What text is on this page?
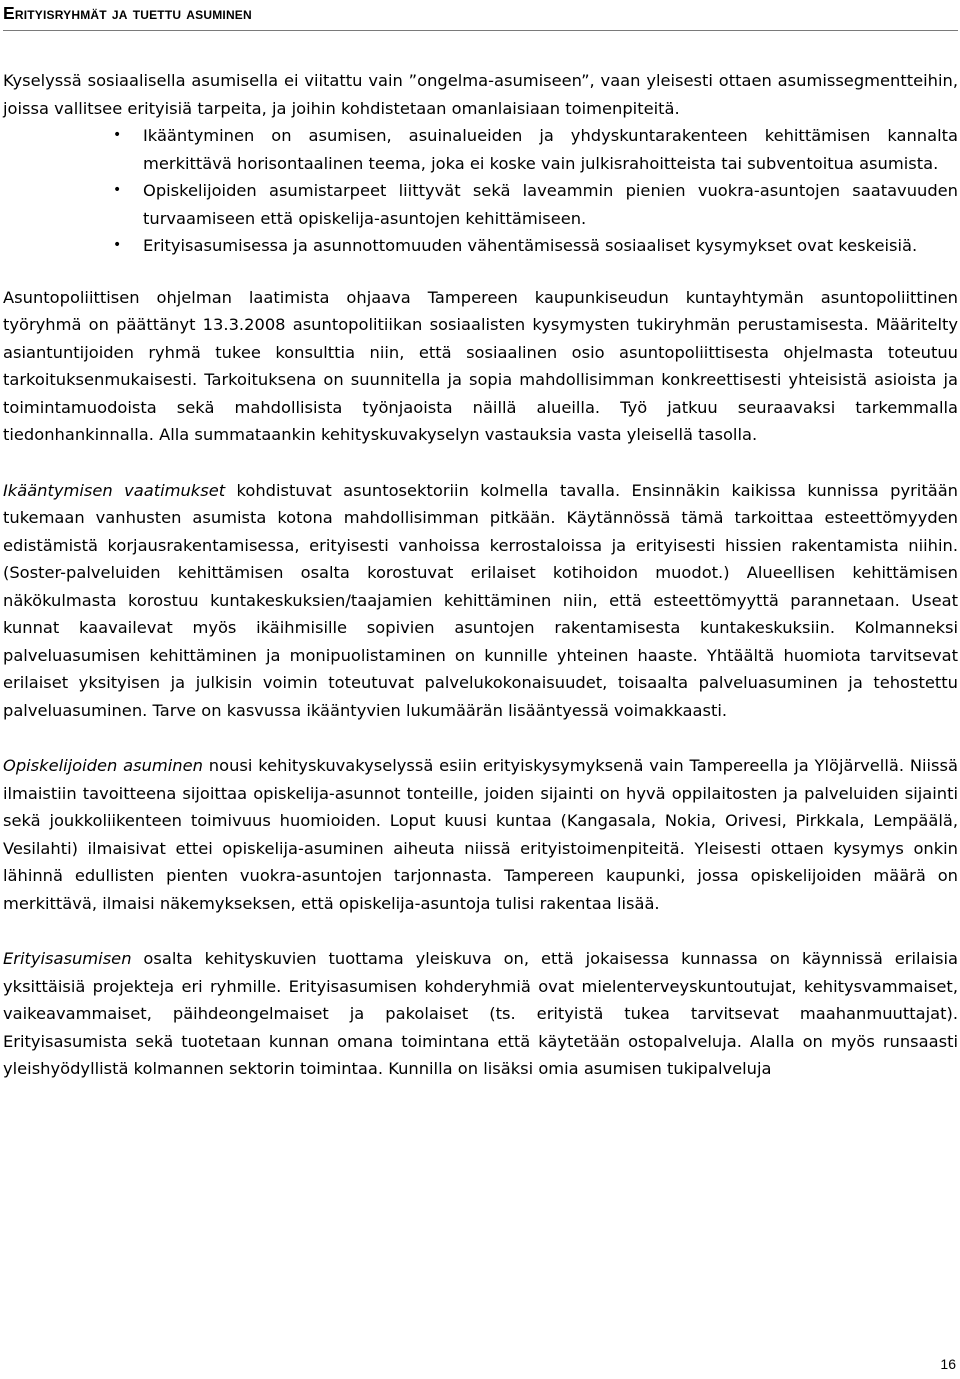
Erityisryhmät ja tuettu asuminen

Kyselyssä sosiaalisella asumisella ei viitattu vain ”ongelma-asumiseen”, vaan yleisesti ottaen asumissegmentteihin, joissa vallitsee erityisiä tarpeita, ja joihin kohdistetaan omanlaisiaan toimenpiteitä.

• Ikääntyminen on asumisen, asuinalueiden ja yhdyskuntarakenteen kehittämisen kannalta merkittävä horisontaalinen teema, joka ei koske vain julkisrahoitteista tai subventoitua asumista.
• Opiskelijoiden asumistarpeet liittyvät sekä laveammin pienien vuokra-asuntojen saatavuuden turvaamiseen että opiskelija-asuntojen kehittämiseen.
• Erityisasumisessa ja asunnottomuuden vähentämisessä sosiaaliset kysymykset ovat keskeisiä.

Asuntopoliittisen ohjelman laatimista ohjaava Tampereen kaupunkiseudun kuntayhtymän asuntopoliittinen työryhmä on päättänyt 13.3.2008 asuntopolitiikan sosiaalisten kysymysten tukiryhmän perustamisesta. Määritelty asiantuntijoiden ryhmä tukee konsulttia niin, että sosiaalinen osio asuntopoliittisesta ohjelmasta toteutuu tarkoituksenmukaisesti. Tarkoituksena on suunnitella ja sopia mahdollisimman konkreettisesti yhteisistä asioista ja toimintamuodoista sekä mahdollisista työnjaoista näillä alueilla. Työ jatkuu seuraavaksi tarkemmalla tiedonhankinnalla. Alla summataankin kehityskuvakyselyn vastauksia vasta yleisellä tasolla.

Ikääntymisen vaatimukset kohdistuvat asuntosektoriin kolmella tavalla. Ensinnäkin kaikissa kunnissa pyritään tukemaan vanhusten asumista kotona mahdollisimman pitkään. Käytännössä tämä tarkoittaa esteettömyyden edistämistä korjausrakentamisessa, erityisesti vanhoissa kerrostaloissa ja erityisesti hissien rakentamista niihin. (Soster-palveluiden kehittämisen osalta korostuvat erilaiset kotihoidon muodot.) Alueellisen kehittämisen näkökulmasta korostuu kuntakeskuksien/taajamien kehittäminen niin, että esteettömyyttä parannetaan. Useat kunnat kaavailevat myös ikäihmisille sopivien asuntojen rakentamisesta kuntakeskuksiin. Kolmanneksi palveluasumisen kehittäminen ja monipuolistaminen on kunnille yhteinen haaste. Yhtäältä huomiota tarvitsevat erilaiset yksityisen ja julkisin voimin toteutuvat palvelukokonaisuudet, toisaalta palveluasuminen ja tehostettu palveluasuminen. Tarve on kasvussa ikääntyvien lukumäärän lisääntyessä voimakkaasti.

Opiskelijoiden asuminen nousi kehityskuvakyselyssä esiin erityiskysymyksenä vain Tampereella ja Ylöjärvellä. Niissä ilmaistiin tavoitteena sijoittaa opiskelija-asunnot tonteille, joiden sijainti on hyvä oppilaitosten ja palveluiden sijainti sekä joukkoliikenteen toimivuus huomioiden. Loput kuusi kuntaa (Kangasala, Nokia, Orivesi, Pirkkala, Lempäälä, Vesilahti) ilmaisivat ettei opiskelija-asuminen aiheuta niissä erityistoimenpiteitä. Yleisesti ottaen kysymys onkin lähinnä edullisten pienten vuokra-asuntojen tarjonnasta. Tampereen kaupunki, jossa opiskelijoiden määrä on merkittävä, ilmaisi näkemykseksen, että opiskelija-asuntoja tulisi rakentaa lisää.

Erityisasumisen osalta kehityskuvien tuottama yleiskuva on, että jokaisessa kunnassa on käynnissä erilaisia yksittäisiä projekteja eri ryhmille. Erityisasumisen kohderyhmiä ovat mielenterveyskuntoutujat, kehitysvammaiset, vaikeavammaiset, päihdeongelmaiset ja pakolaiset (ts. erityistä tukea tarvitsevat maahanmuuttajat). Erityisasumista sekä tuotetaan kunnan omana toimintana että käytetään ostopalveluja. Alalla on myös runsaasti yleishyödyllistä kolmannen sektorin toimintaa. Kunnilla on lisäksi omia asumisen tukipalveluja

16
